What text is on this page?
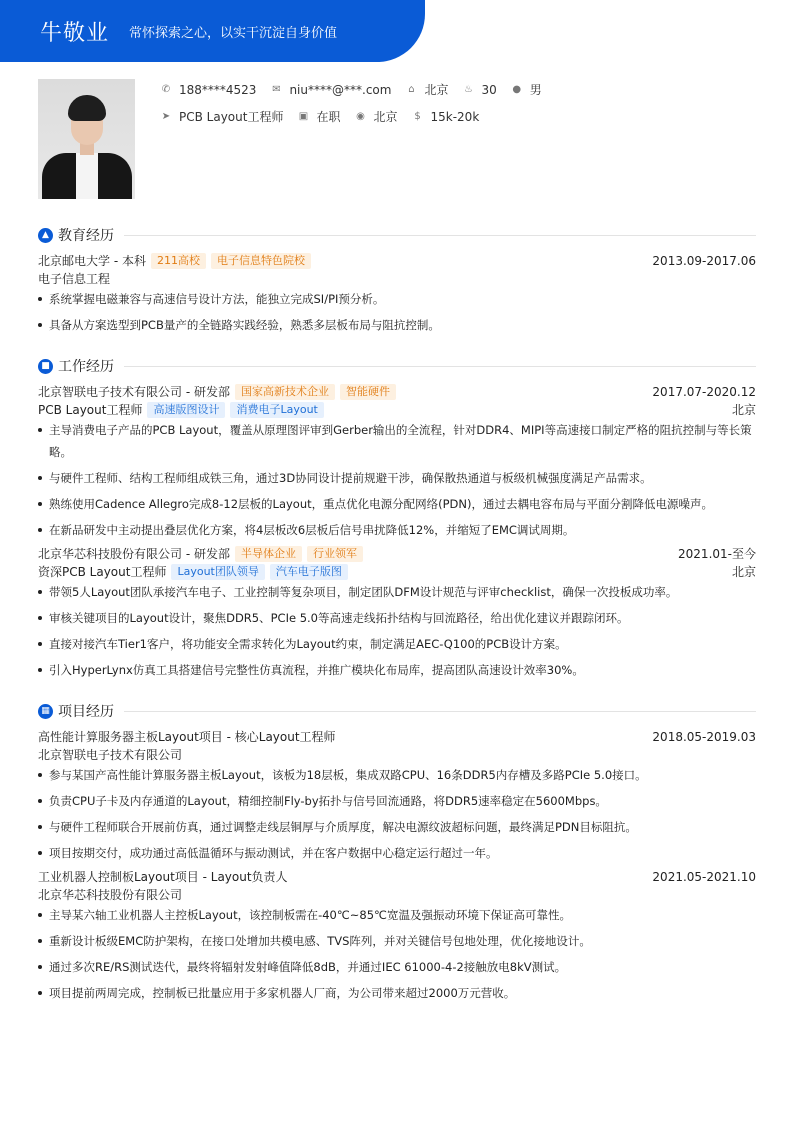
牛敬业 常怀探索之心，以实干沉淀自身价值
✆ 188****4523 ✉ niu****@***.com ⌂ 北京 ♨ 30 ● 男
➤ PCB Layout工程师 ▣ 在职 ◉ 北京 $ 15k-20k
▲ 教育经历
北京邮电大学 - 本科	211高校	电子信息特色院校	2013.09-2017.06
电子信息工程
系统掌握电磁兼容与高速信号设计方法，能独立完成SI/PI预分析。
具备从方案选型到PCB量产的全链路实践经验，熟悉多层板布局与阻抗控制。
■ 工作经历
北京智联电子技术有限公司 - 研发部	国家高新技术企业	智能硬件	2017.07-2020.12
PCB Layout工程师	高速版图设计	消费电子Layout	北京
主导消费电子产品的PCB Layout，覆盖从原理图评审到Gerber输出的全流程，针对DDR4、MIPI等高速接口制定严格的阻抗控制与等长策略。
与硬件工程师、结构工程师组成铁三角，通过3D协同设计提前规避干涉，确保散热通道与板级机械强度满足产品需求。
熟练使用Cadence Allegro完成8-12层板的Layout，重点优化电源分配网络(PDN)，通过去耦电容布局与平面分割降低电源噪声。
在新品研发中主动提出叠层优化方案，将4层板改6层板后信号串扰降低12%，并缩短了EMC调试周期。
北京华芯科技股份有限公司 - 研发部	半导体企业	行业领军	2021.01-至今
资深PCB Layout工程师	Layout团队领导	汽车电子版图	北京
带领5人Layout团队承接汽车电子、工业控制等复杂项目，制定团队DFM设计规范与评审checklist，确保一次投板成功率。
审核关键项目的Layout设计，聚焦DDR5、PCIe 5.0等高速走线拓扑结构与回流路径，给出优化建议并跟踪闭环。
直接对接汽车Tier1客户，将功能安全需求转化为Layout约束，制定满足AEC-Q100的PCB设计方案。
引入HyperLynx仿真工具搭建信号完整性仿真流程，并推广模块化布局库，提高团队高速设计效率30%。
▦ 项目经历
高性能计算服务器主板Layout项目 - 核心Layout工程师	2018.05-2019.03
北京智联电子技术有限公司
参与某国产高性能计算服务器主板Layout，该板为18层板，集成双路CPU、16条DDR5内存槽及多路PCIe 5.0接口。
负责CPU子卡及内存通道的Layout，精细控制Fly-by拓扑与信号回流通路，将DDR5速率稳定在5600Mbps。
与硬件工程师联合开展前仿真，通过调整走线层铜厚与介质厚度，解决电源纹波超标问题，最终满足PDN目标阻抗。
项目按期交付，成功通过高低温循环与振动测试，并在客户数据中心稳定运行超过一年。
工业机器人控制板Layout项目 - Layout负责人	2021.05-2021.10
北京华芯科技股份有限公司
主导某六轴工业机器人主控板Layout，该控制板需在-40℃~85℃宽温及强振动环境下保证高可靠性。
重新设计板级EMC防护架构，在接口处增加共模电感、TVS阵列，并对关键信号包地处理，优化接地设计。
通过多次RE/RS测试迭代，最终将辐射发射峰值降低8dB，并通过IEC 61000-4-2接触放电8kV测试。
项目提前两周完成，控制板已批量应用于多家机器人厂商，为公司带来超过2000万元营收。
